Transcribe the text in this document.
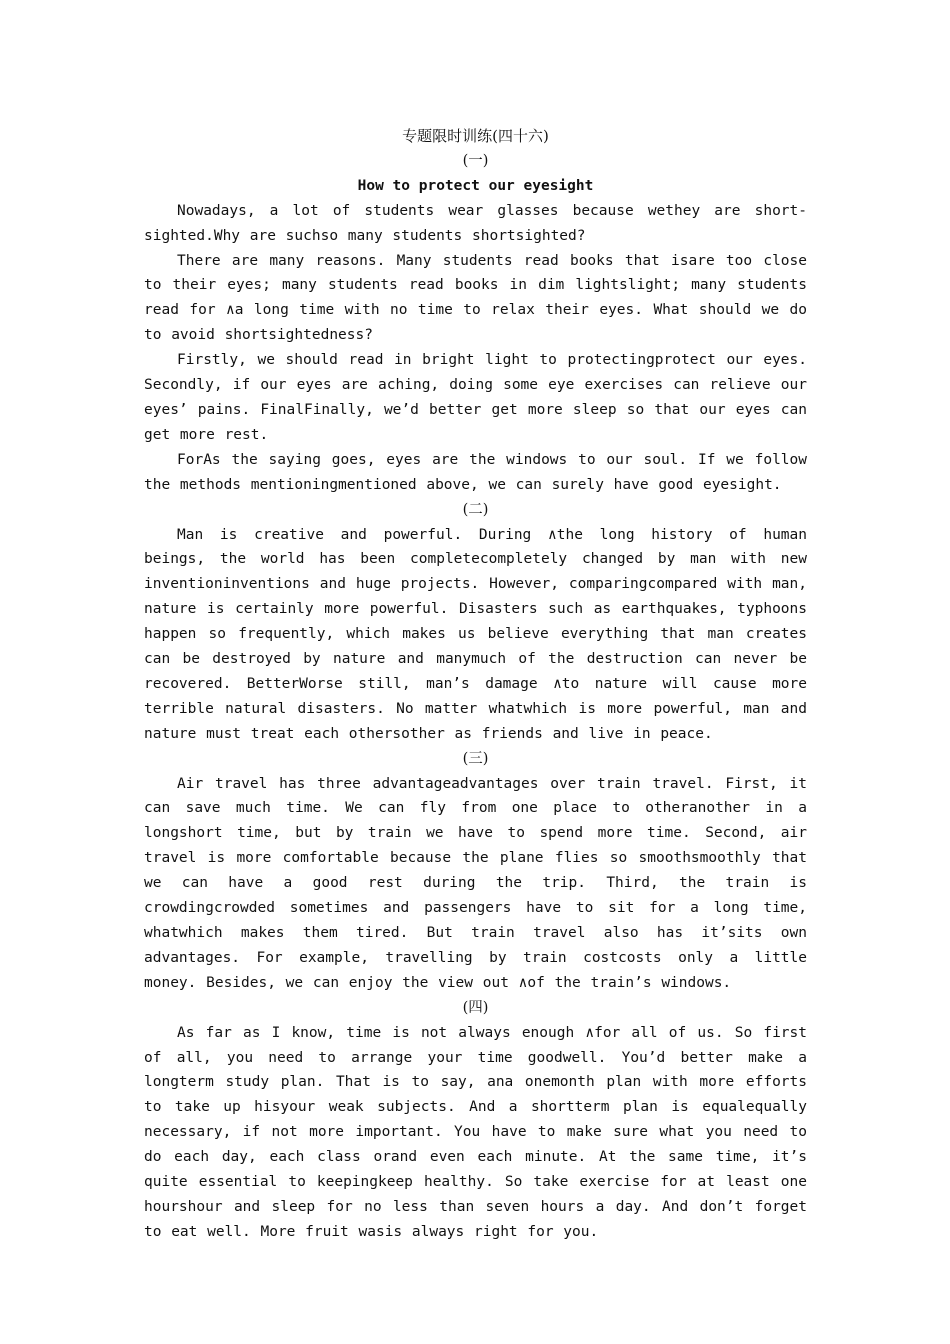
专题限时训练(四十六)
(一)
How to protect our eyesight

Nowadays, a lot of students wear glasses because wethey are short-sighted.Why are suchso many students shortsighted?

There are many reasons. Many students read books that isare too close to their eyes; many students read books in dim lightslight; many students read for ∧a long time with no time to relax their eyes. What should we do to avoid shortsightedness?

Firstly, we should read in bright light to protectingprotect our eyes. Secondly, if our eyes are aching, doing some eye exercises can relieve our eyes’ pains. FinalFinally, we’d better get more sleep so that our eyes can get more rest.

ForAs the saying goes, eyes are the windows to our soul. If we follow the methods mentioningmentioned above, we can surely have good eyesight.

(二)

Man is creative and powerful. During ∧the long history of human beings, the world has been completecompletely changed by man with new inventioninventions and huge projects. However, comparingcompared with man, nature is certainly more powerful. Disasters such as earthquakes, typhoons happen so frequently, which makes us believe everything that man creates can be destroyed by nature and manymuch of the destruction can never be recovered. BetterWorse still, man’s damage ∧to nature will cause more terrible natural disasters. No matter whatwhich is more powerful, man and nature must treat each othersother as friends and live in peace.

(三)

Air travel has three advantageadvantages over train travel. First, it can save much time. We can fly from one place to otheranother in a longshort time, but by train we have to spend more time. Second, air travel is more comfortable because the plane flies so smoothsmoothly that we can have a good rest during the trip. Third, the train is crowdingcrowded sometimes and passengers have to sit for a long time, whatwhich makes them tired. But train travel also has it’sits own advantages. For example, travelling by train costcosts only a little money. Besides, we can enjoy the view out ∧of the train’s windows.

(四)

As far as I know, time is not always enough ∧for all of us. So first of all, you need to arrange your time goodwell. You’d better make a longterm study plan. That is to say, ana onemonth plan with more efforts to take up hisyour weak subjects. And a shortterm plan is equalequally necessary, if not more important. You have to make sure what you need to do each day, each class orand even each minute. At the same time, it’s quite essential to keepingkeep healthy. So take exercise for at least one hourshour and sleep for no less than seven hours a day. And don’t forget to eat well. More fruit wasis always right for you.
